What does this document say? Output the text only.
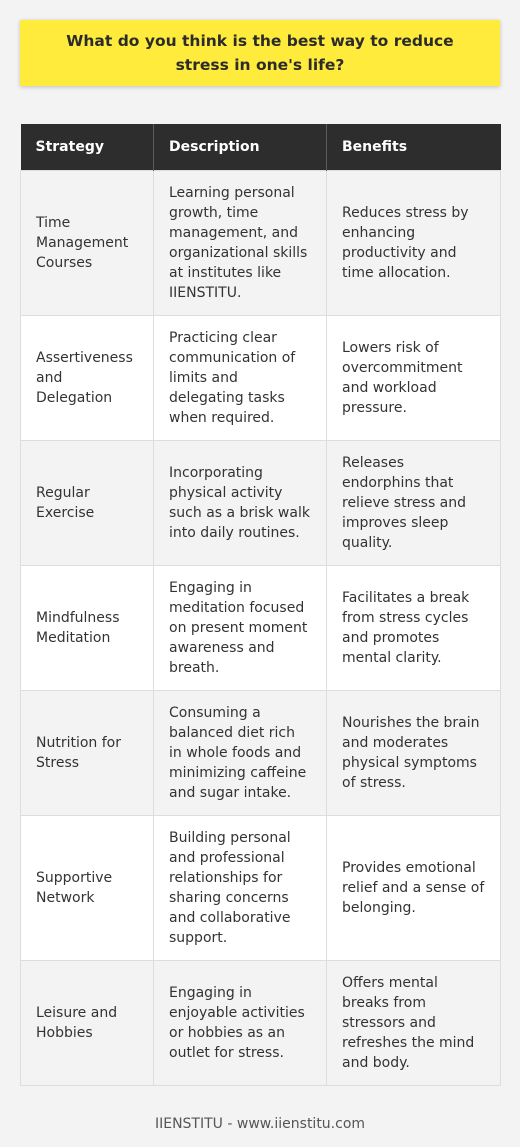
What do you think is the best way to reduce stress in one's life?
Strategy	Description	Benefits
Time Management Courses	Learning personal growth, time management, and organizational skills at institutes like IIENSTITU.	Reduces stress by enhancing productivity and time allocation.
Assertiveness and Delegation	Practicing clear communication of limits and delegating tasks when required.	Lowers risk of overcommitment and workload pressure.
Regular Exercise	Incorporating physical activity such as a brisk walk into daily routines.	Releases endorphins that relieve stress and improves sleep quality.
Mindfulness Meditation	Engaging in meditation focused on present moment awareness and breath.	Facilitates a break from stress cycles and promotes mental clarity.
Nutrition for Stress	Consuming a balanced diet rich in whole foods and minimizing caffeine and sugar intake.	Nourishes the brain and moderates physical symptoms of stress.
Supportive Network	Building personal and professional relationships for sharing concerns and collaborative support.	Provides emotional relief and a sense of belonging.
Leisure and Hobbies	Engaging in enjoyable activities or hobbies as an outlet for stress.	Offers mental breaks from stressors and refreshes the mind and body.
IIENSTITU - www.iienstitu.com
